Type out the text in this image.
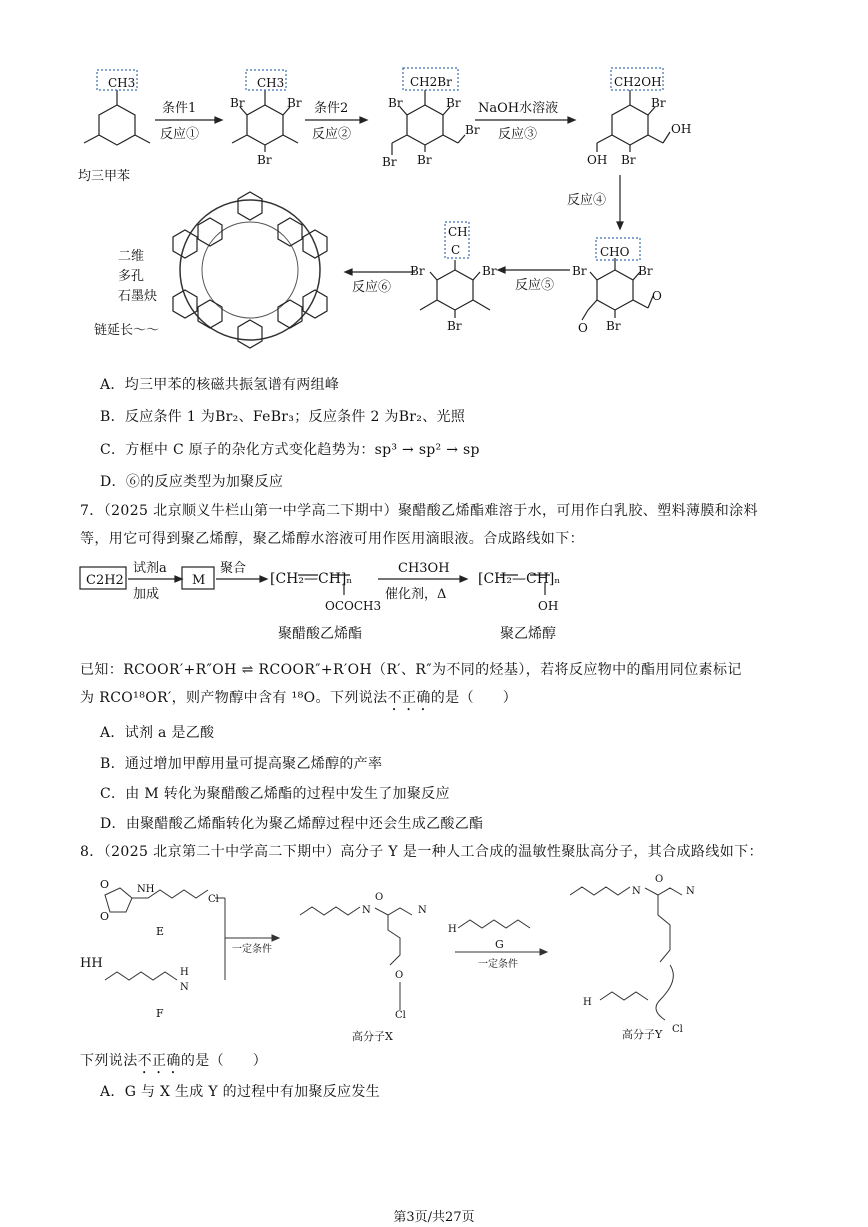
CH3	CH3
Br	Br
Br
CH2Br
Br	Br
Br
Br
Br
CH2OH
Br
Br
OH
OH
CHO
Br	Br
Br
O
O
CH
C
Br	Br
Br
条件1
反应①
条件2
反应②
NaOH水溶液
反应③
反应④
反应⑤
反应⑥
均三甲苯
二维
多孔
石墨炔
链延长～～
A．均三甲苯的核磁共振氢谱有两组峰
B．反应条件 1 为Br₂、FeBr₃；反应条件 2 为Br₂、光照
C．方框中 C 原子的杂化方式变化趋势为：sp³ → sp² → sp
D．⑥的反应类型为加聚反应
7．（2025 北京顺义牛栏山第一中学高二下期中）聚醋酸乙烯酯难溶于水，可用作白乳胶、塑料薄膜和涂料
等，用它可得到聚乙烯醇，聚乙烯醇水溶液可用作医用滴眼液。合成路线如下：
C2H2
试剂a
加成
M
聚合
[CH₂—CH]ₙ
OCOCH3
CH3OH
催化剂，Δ
[CH₂—CH]ₙ
OH
聚醋酸乙烯酯	聚乙烯醇
已知：RCOOR′+R″OH ⇌ RCOOR″+R′OH（R′、R″为不同的烃基），若将反应物中的酯用同位素标记
为 RCO¹⁸OR′，则产物醇中含有 ¹⁸O。下列说法不正确的是（　　）
A．试剂 a 是乙酸
B．通过增加甲醇用量可提高聚乙烯醇的产率
C．由 M 转化为聚醋酸乙烯酯的过程中发生了加聚反应
D．由聚醋酸乙烯酯转化为聚乙烯醇过程中还会生成乙酸乙酯
8．（2025 北京第二十中学高二下期中）高分子 Y 是一种人工合成的温敏性聚肽高分子，其合成路线如下：
O
O
NH
Cl
E
HH
H
N
F
一定条件
N	N
O
O
Cl
高分子X
H
G
一定条件
N	N
O
H
Cl
高分子Y
下列说法不正确的是（　　）
A．G 与 X 生成 Y 的过程中有加聚反应发生
第3页/共27页
